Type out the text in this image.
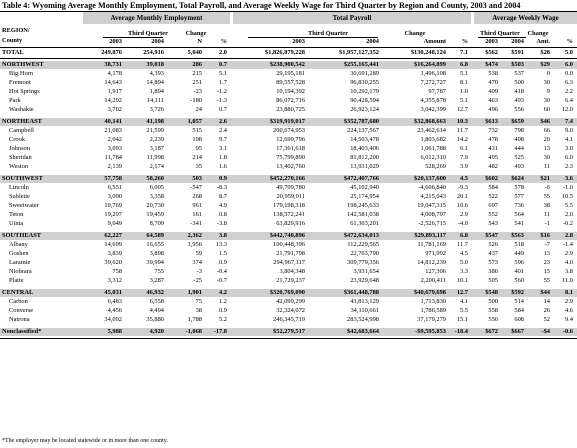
Table 4: Wyoming Average Monthly Employment, Total Payroll, and Average Weekly Wage for Third Quarter by Region and County, 2003 and 2004
Average Monthly Employment	Total Payroll	Average Weekly Wage
REGION/
County
Third Quarter	Third Quarter	Third Quarter
Change	Change	Change
2003	2004	N	%	2003	2004	Amount	%	2003	2004	Amt.	%
TOTAL	249,876	254,916	5,040	2.0	$1,826,879,228	$1,957,127,352	$130,248,124	7.1	$562	$591	$28	5.0
NORTHWEST	38,731	39,018	286	0.7	$238,900,542	$255,165,441	$16,264,899	6.8	$474	$503	$29	6.0
Big Horn	4,178	4,393	215	5.1	29,195,181	30,691,289	1,496,108	5.1	538	537	0	0.0
Fremont	14,643	14,894	251	1.7	89,557,528	96,830,255	7,272,727	8.1	470	500	30	6.3
Hot Springs	1,917	1,894	-23	-1.2	10,194,392	10,292,179	97,787	1.0	409	418	9	2.2
Park	14,292	14,111	-180	-1.3	86,072,716	90,428,594	4,355,878	5.1	463	493	30	6.4
Washakie	3,702	3,726	24	0.7	23,880,725	26,923,124	3,042,399	12.7	496	556	60	12.0
NORTHEAST	40,141	41,198	1,057	2.6	$319,919,017	$352,787,680	$32,868,663	10.3	$613	$659	$46	7.4
Campbell	21,083	21,599	515	2.4	200,674,953	224,137,567	23,462,614	11.7	732	798	66	9.0
Crook	2,042	2,239	198	9.7	12,699,796	14,503,478	1,803,682	14.2	478	498	20	4.1
Johnson	3,093	3,187	95	3.1	17,361,618	18,403,406	1,061,788	6.1	431	444	13	3.0
Sheridan	11,784	11,998	214	1.8	75,799,890	81,812,200	6,012,310	7.9	495	525	30	6.0
Weston	2,139	2,174	35	1.6	13,402,760	13,931,029	528,269	3.9	482	493	11	2.3
SOUTHWEST	57,758	58,260	503	0.9	$452,270,166	$472,407,766	$20,137,600	4.5	$602	$624	$21	3.6
Lincoln	6,551	6,005	-547	-8.3	49,709,780	45,102,940	-4,606,840	-9.3	584	578	-6	-1.0
Sublette	3,090	3,358	268	8.7	20,959,911	25,174,954	4,215,043	20.1	522	577	55	10.5
Sweetwater	19,769	20,730	961	4.9	179,198,318	198,245,633	19,047,315	10.6	697	736	38	5.5
Teton	19,297	19,459	161	0.8	138,572,241	142,581,038	4,008,797	2.9	552	564	11	2.0
Uinta	9,049	8,709	-341	-3.8	63,829,916	61,303,201	-2,526,715	-4.0	543	541	-1	-0.2
SOUTHEAST	62,227	64,589	2,362	3.8	$442,740,896	$472,634,013	$29,893,117	6.8	$547	$563	$16	2.8
Albany	14,699	16,655	1,956	13.3	100,448,396	112,229,565	11,781,169	11.7	526	518	-7	-1.4
Goshen	3,839	3,898	59	1.5	21,791,798	22,763,790	971,992	4.5	437	449	13	2.9
Laramie	39,620	39,994	374	0.9	294,967,117	309,779,356	14,812,239	5.0	573	596	23	4.0
Niobrara	758	755	-3	-0.4	3,804,348	3,931,654	127,306	3.3	386	401	15	3.8
Platte	3,312	3,287	-25	-0.7	21,729,237	23,929,648	2,200,411	10.1	505	560	55	11.0
CENTRAL	45,031	46,932	1,901	4.2	$320,769,090	$361,448,788	$40,679,698	12.7	$548	$592	$44	8.1
Carbon	6,483	6,558	75	1.2	42,099,299	43,813,129	1,713,830	4.1	500	514	14	2.9
Converse	4,456	4,494	38	0.9	32,324,072	34,110,661	1,786,589	5.5	558	584	26	4.6
Natrona	34,092	35,880	1,788	5.2	246,345,719	283,524,998	37,179,279	15.1	556	608	52	9.4
Nonclassified*	5,988	4,920	-1,068	-17.8	$52,279,517	$42,683,664	-$9,595,853	-18.4	$672	$667	-$4	-0.6
*The employer may be located statewide or in more than one county.
